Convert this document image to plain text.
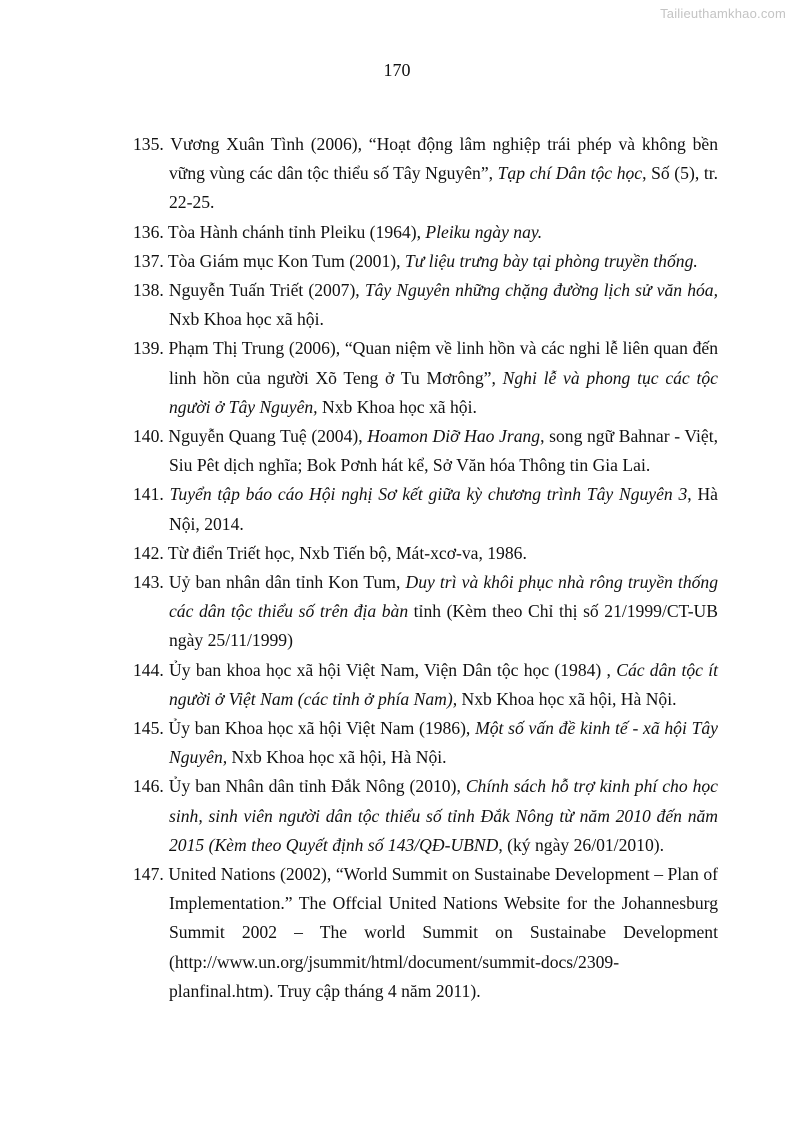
Tailieuthamkhao.com
170
135. Vương Xuân Tình (2006), “Hoạt động lâm nghiệp trái phép và không bền vững vùng các dân tộc thiểu số Tây Nguyên”, Tạp chí Dân tộc học, Số (5), tr. 22-25.
136. Tòa Hành chánh tỉnh Pleiku (1964), Pleiku ngày nay.
137. Tòa Giám mục Kon Tum (2001), Tư liệu trưng bày tại phòng truyền thống.
138. Nguyễn Tuấn Triết (2007), Tây Nguyên những chặng đường lịch sử văn hóa, Nxb Khoa học xã hội.
139. Phạm Thị Trung (2006), “Quan niệm về linh hồn và các nghi lễ liên quan đến linh hồn của người Xõ Teng ở Tu Mơrông”, Nghi lễ và phong tục các tộc người ở Tây Nguyên, Nxb Khoa học xã hội.
140. Nguyễn Quang Tuệ (2004), Hoamon Diỡ Hao Jrang, song ngữ Bahnar - Việt, Siu Pêt dịch nghĩa; Bok Pơnh hát kể, Sở Văn hóa Thông tin Gia Lai.
141. Tuyển tập báo cáo Hội nghị Sơ kết giữa kỳ chương trình Tây Nguyên 3, Hà Nội, 2014.
142. Từ điển Triết học, Nxb Tiến bộ, Mát-xcơ-va, 1986.
143. Uỷ ban nhân dân tỉnh Kon Tum, Duy trì và khôi phục nhà rông truyền thống các dân tộc thiểu số trên địa bàn tỉnh (Kèm theo Chỉ thị số 21/1999/CT-UB ngày 25/11/1999)
144. Ủy ban khoa học xã hội Việt Nam, Viện Dân tộc học (1984) , Các dân tộc ít người ở Việt Nam (các tỉnh ở phía Nam), Nxb Khoa học xã hội, Hà Nội.
145. Ủy ban Khoa học xã hội Việt Nam (1986), Một số vấn đề kinh tế - xã hội Tây Nguyên, Nxb Khoa học xã hội, Hà Nội.
146. Ủy ban Nhân dân tỉnh Đắk Nông (2010), Chính sách hỗ trợ kinh phí cho học sinh, sinh viên người dân tộc thiểu số tỉnh Đắk Nông từ năm 2010 đến năm 2015 (Kèm theo Quyết định số 143/QĐ-UBND, (ký ngày 26/01/2010).
147. United Nations (2002), “World Summit on Sustainabe Development – Plan of Implementation.” The Offcial United Nations Website for the Johannesburg Summit 2002 – The world Summit on Sustainabe Development (http://www.un.org/jsummit/html/document/summit-docs/2309-planfinal.htm). Truy cập tháng 4 năm 2011).
